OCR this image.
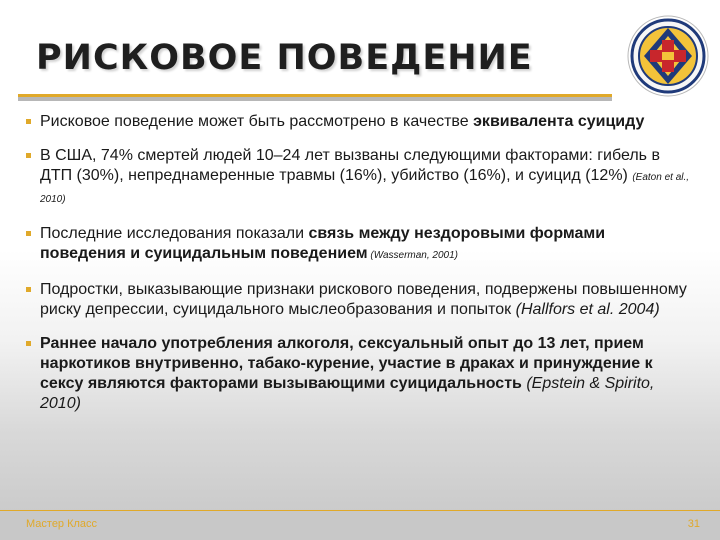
РИСКОВОЕ ПОВЕДЕНИЕ
Рисковое поведение может быть рассмотрено в качестве эквивалента суициду
В США, 74% смертей людей 10–24 лет вызваны следующими факторами: гибель в ДТП (30%), непреднамеренные травмы (16%), убийство (16%), и суицид (12%) (Eaton et al., 2010)
Последние исследования показали связь между нездоровыми формами поведения и суицидальным поведением (Wasserman, 2001)
Подростки, выказывающие признаки рискового поведения, подвержены повышенному риску депрессии, суицидального мыслеобразования и попыток (Hallfors et al. 2004)
Раннее начало употребления алкоголя, сексуальный опыт до 13 лет, прием наркотиков внутривенно, табако-курение, участие в драках и принуждение к сексу являются факторами вызывающими суицидальность (Epstein & Spirito, 2010)
Мастер Класс	31
